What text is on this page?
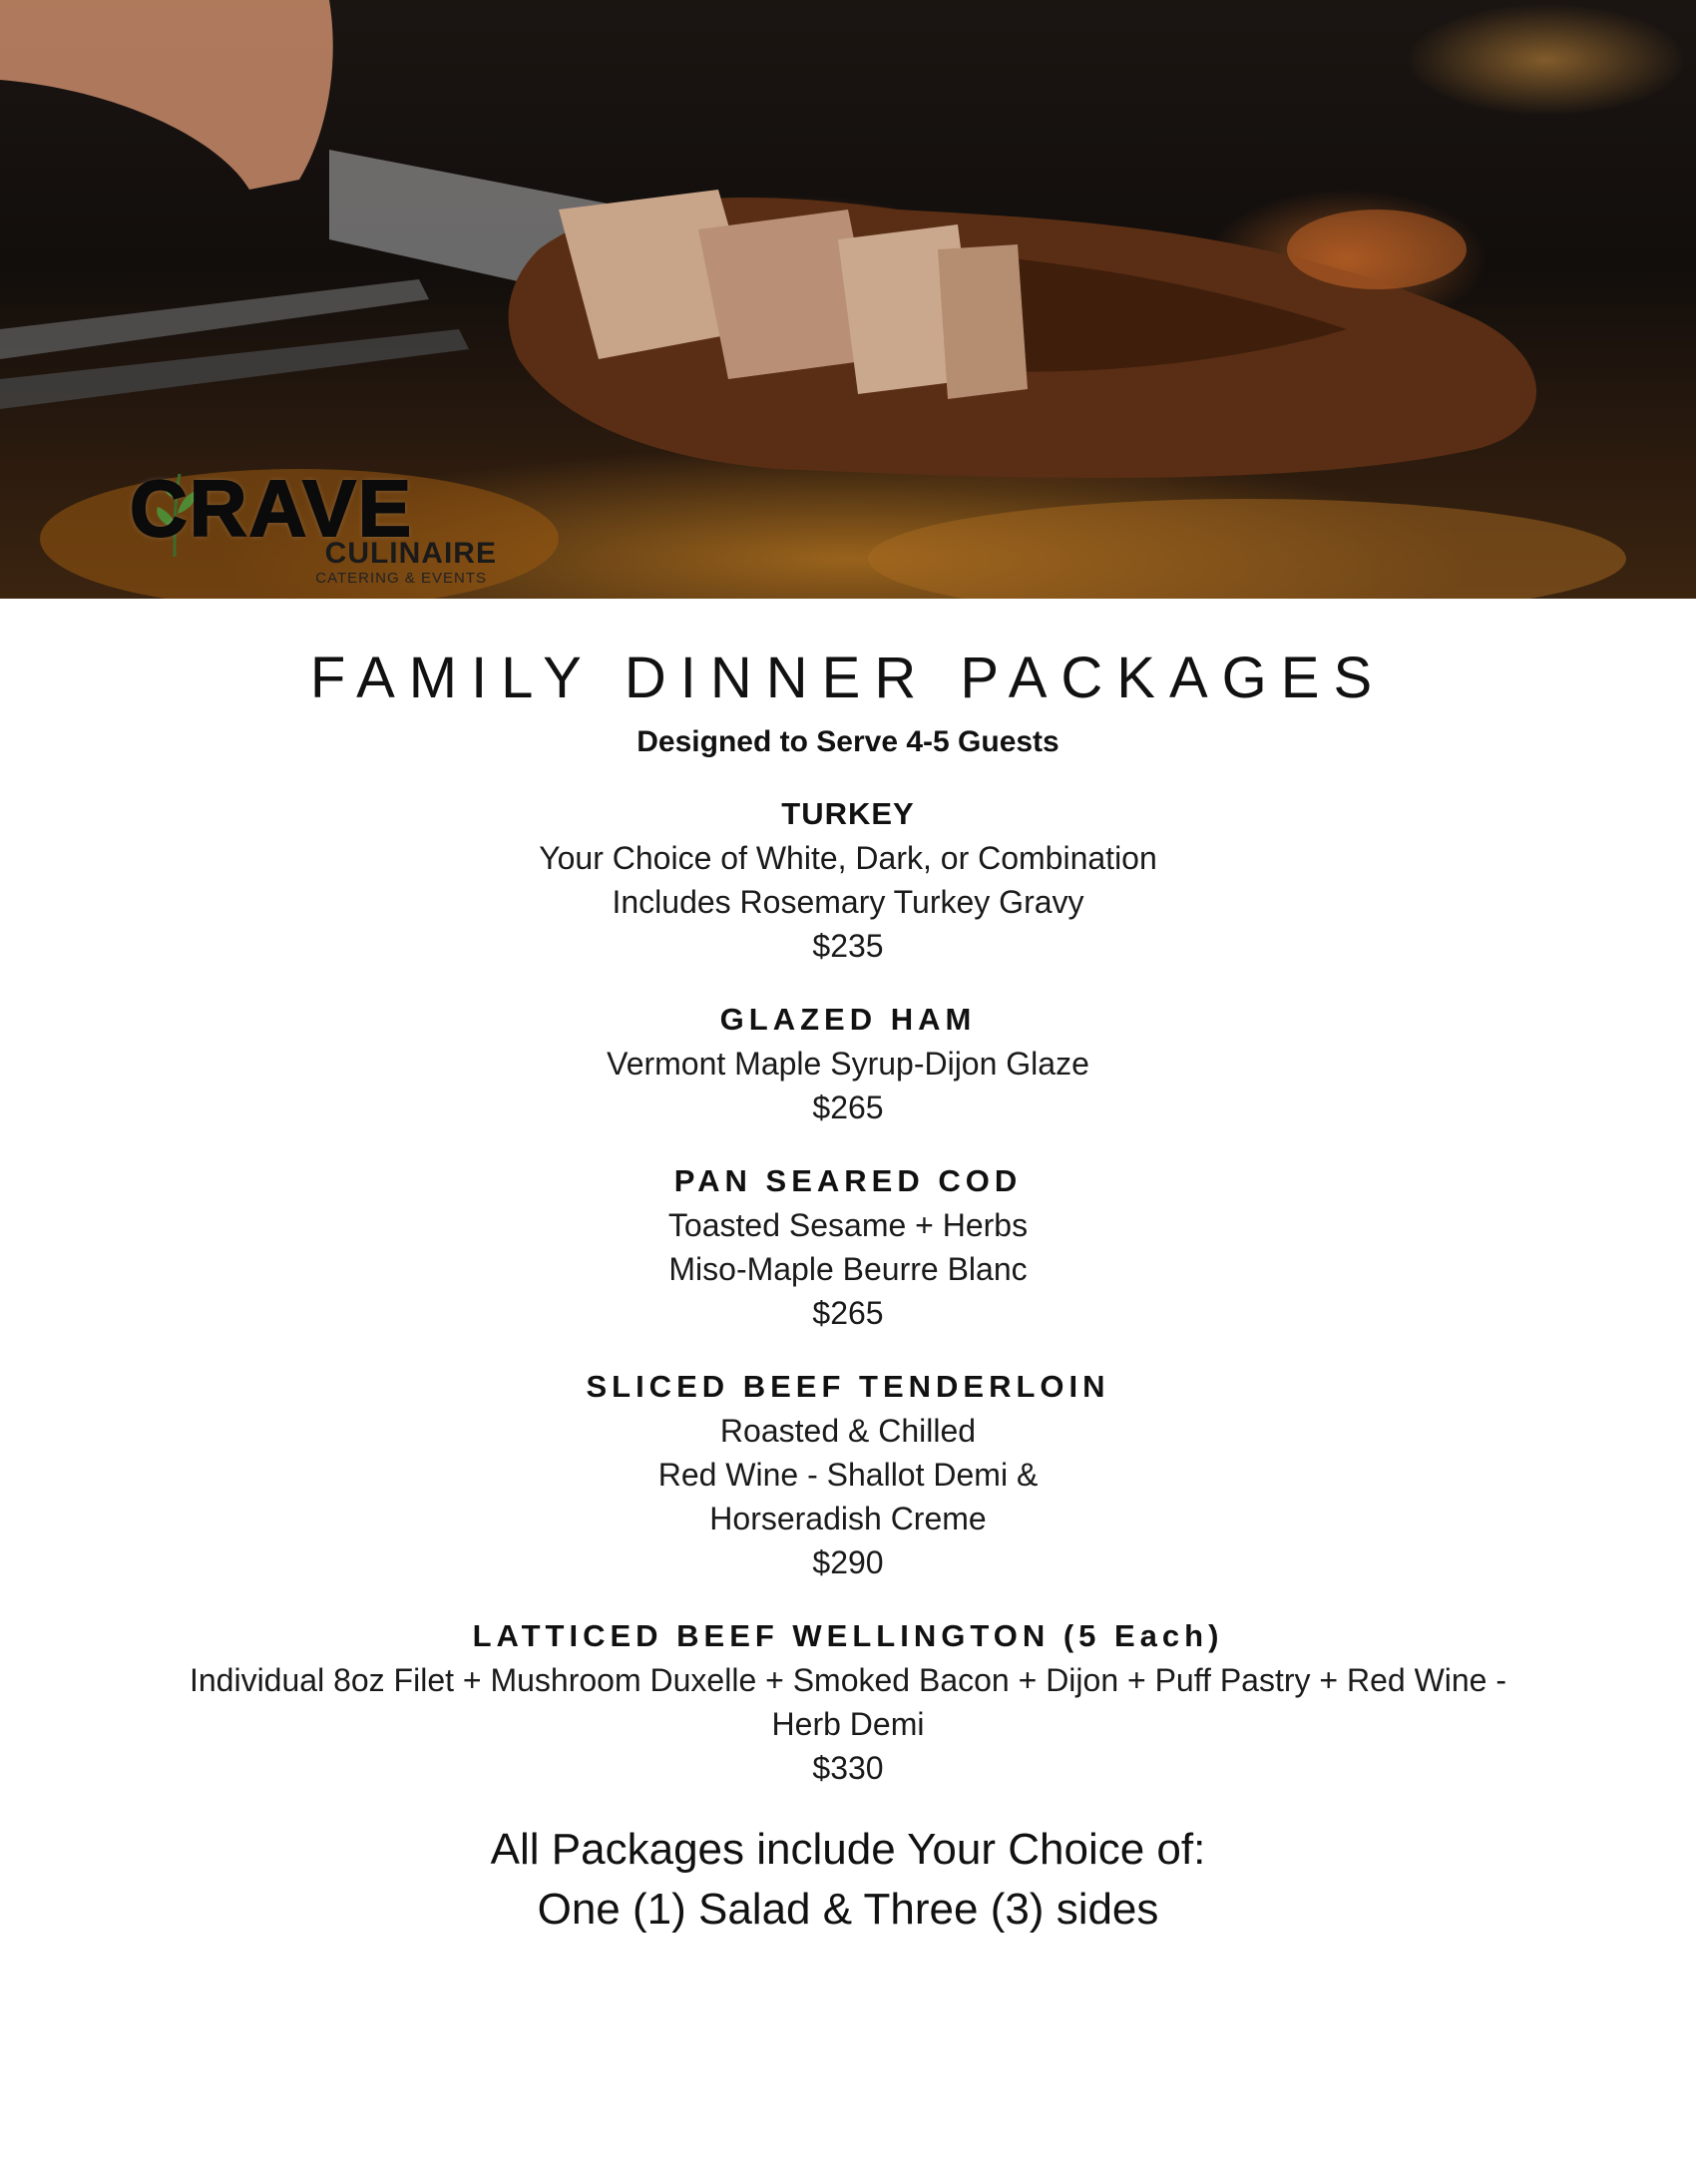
CRAVE
CULINAIRE
CATERING & EVENTS
FAMILY DINNER PACKAGES
Designed to Serve 4-5 Guests
TURKEY
Your Choice of White, Dark, or Combination
Includes Rosemary Turkey Gravy
$235
GLAZED HAM
Vermont Maple Syrup-Dijon Glaze
$265
PAN SEARED COD
Toasted Sesame + Herbs
Miso-Maple Beurre Blanc
$265
SLICED BEEF TENDERLOIN
Roasted & Chilled
Red Wine - Shallot Demi &
Horseradish Creme
$290
LATTICED BEEF WELLINGTON (5 Each)
Individual 8oz Filet + Mushroom Duxelle + Smoked Bacon + Dijon + Puff Pastry + Red Wine - Herb Demi
$330
All Packages include Your Choice of:
One (1) Salad & Three (3) sides
